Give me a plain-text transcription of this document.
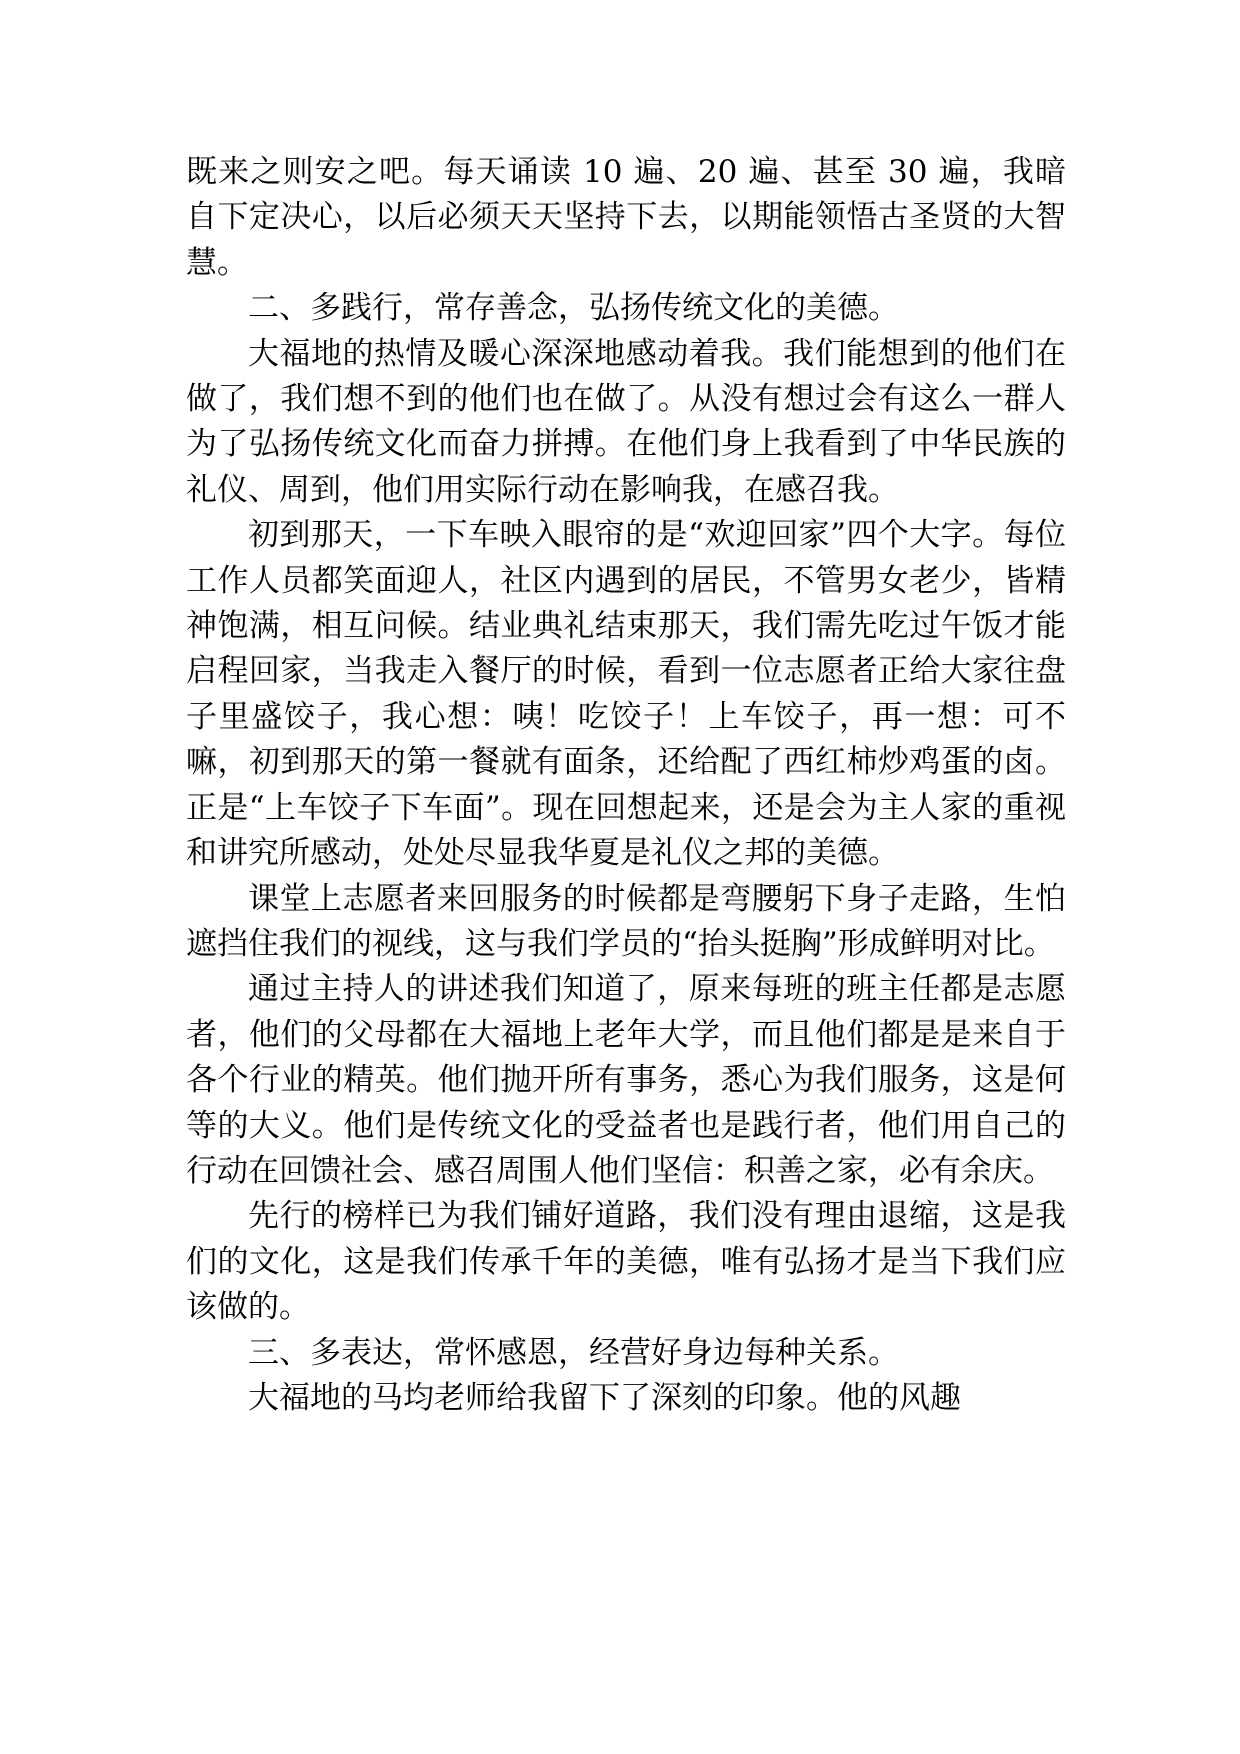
既来之则安之吧。每天诵读 10 遍、20 遍、甚至 30 遍，我暗自下定决心，以后必须天天坚持下去，以期能领悟古圣贤的大智慧。

二、多践行，常存善念，弘扬传统文化的美德。

大福地的热情及暖心深深地感动着我。我们能想到的他们在做了，我们想不到的他们也在做了。从没有想过会有这么一群人为了弘扬传统文化而奋力拼搏。在他们身上我看到了中华民族的礼仪、周到，他们用实际行动在影响我，在感召我。

初到那天，一下车映入眼帘的是“欢迎回家”四个大字。每位工作人员都笑面迎人，社区内遇到的居民，不管男女老少，皆精神饱满，相互问候。结业典礼结束那天，我们需先吃过午饭才能启程回家，当我走入餐厅的时候，看到一位志愿者正给大家往盘子里盛饺子，我心想：咦！吃饺子！上车饺子，再一想：可不嘛，初到那天的第一餐就有面条，还给配了西红柿炒鸡蛋的卤。正是“上车饺子下车面”。现在回想起来，还是会为主人家的重视和讲究所感动，处处尽显我华夏是礼仪之邦的美德。

课堂上志愿者来回服务的时候都是弯腰躬下身子走路，生怕遮挡住我们的视线，这与我们学员的“抬头挺胸”形成鲜明对比。

通过主持人的讲述我们知道了，原来每班的班主任都是志愿者，他们的父母都在大福地上老年大学，而且他们都是是来自于各个行业的精英。他们抛开所有事务，悉心为我们服务，这是何等的大义。他们是传统文化的受益者也是践行者，他们用自己的行动在回馈社会、感召周围人他们坚信：积善之家，必有余庆。

先行的榜样已为我们铺好道路，我们没有理由退缩，这是我们的文化，这是我们传承千年的美德，唯有弘扬才是当下我们应该做的。

三、多表达，常怀感恩，经营好身边每种关系。

大福地的马均老师给我留下了深刻的印象。他的风趣
